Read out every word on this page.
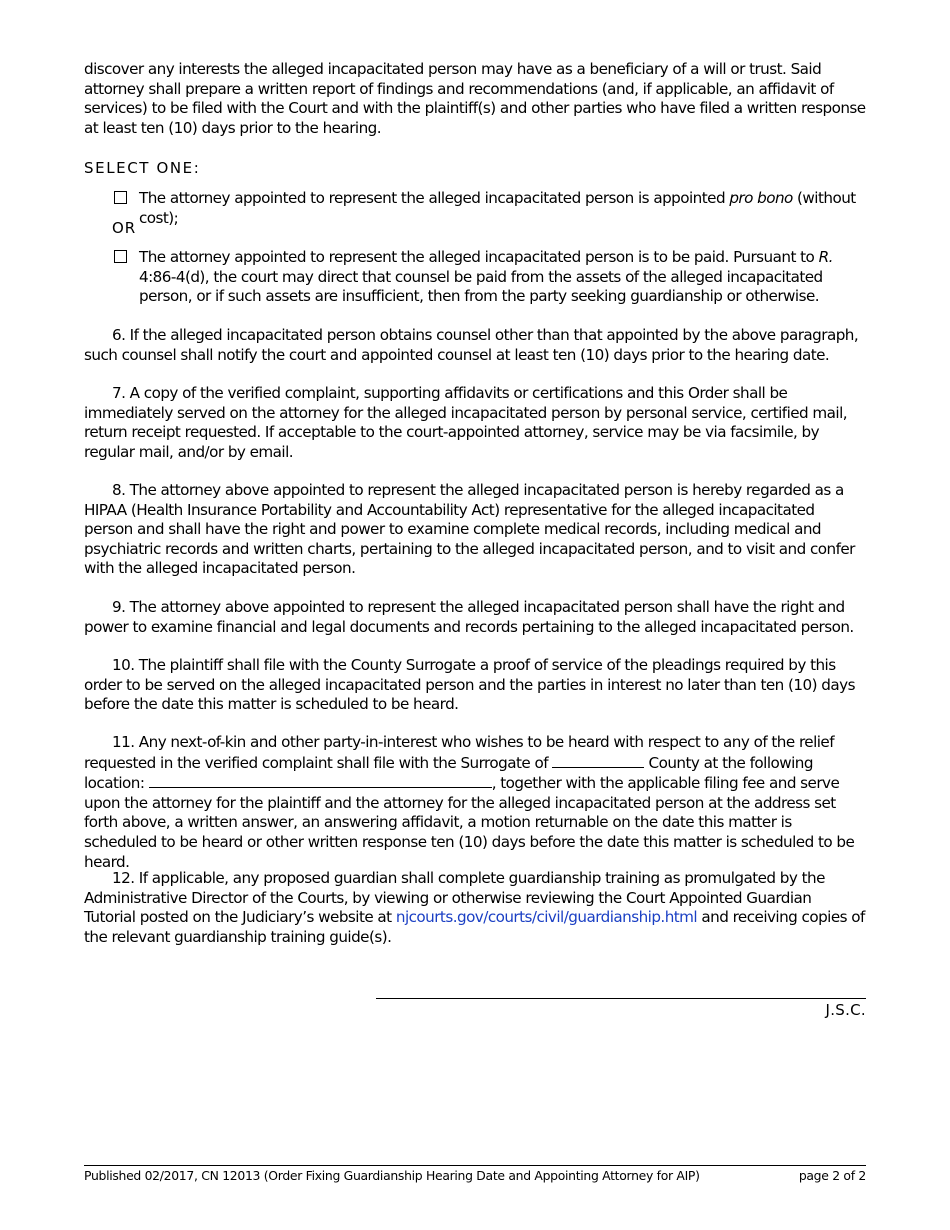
discover any interests the alleged incapacitated person may have as a beneficiary of a will or trust. Said attorney shall prepare a written report of findings and recommendations (and, if applicable, an affidavit of services) to be filed with the Court and with the plaintiff(s) and other parties who have filed a written response at least ten (10) days prior to the hearing.

SELECT ONE:

The attorney appointed to represent the alleged incapacitated person is appointed pro bono (without cost);

OR

The attorney appointed to represent the alleged incapacitated person is to be paid. Pursuant to R. 4:86-4(d), the court may direct that counsel be paid from the assets of the alleged incapacitated person, or if such assets are insufficient, then from the party seeking guardianship or otherwise.

6. If the alleged incapacitated person obtains counsel other than that appointed by the above paragraph, such counsel shall notify the court and appointed counsel at least ten (10) days prior to the hearing date.

7. A copy of the verified complaint, supporting affidavits or certifications and this Order shall be immediately served on the attorney for the alleged incapacitated person by personal service, certified mail, return receipt requested. If acceptable to the court-appointed attorney, service may be via facsimile, by regular mail, and/or by email.

8. The attorney above appointed to represent the alleged incapacitated person is hereby regarded as a HIPAA (Health Insurance Portability and Accountability Act) representative for the alleged incapacitated person and shall have the right and power to examine complete medical records, including medical and psychiatric records and written charts, pertaining to the alleged incapacitated person, and to visit and confer with the alleged incapacitated person.

9. The attorney above appointed to represent the alleged incapacitated person shall have the right and power to examine financial and legal documents and records pertaining to the alleged incapacitated person.

10. The plaintiff shall file with the County Surrogate a proof of service of the pleadings required by this order to be served on the alleged incapacitated person and the parties in interest no later than ten (10) days before the date this matter is scheduled to be heard.

11. Any next-of-kin and other party-in-interest who wishes to be heard with respect to any of the relief requested in the verified complaint shall file with the Surrogate of	County at the following location:	, together with the applicable filing fee and serve upon the attorney for the plaintiff and the attorney for the alleged incapacitated person at the address set forth above, a written answer, an answering affidavit, a motion returnable on the date this matter is scheduled to be heard or other written response ten (10) days before the date this matter is scheduled to be heard.

12. If applicable, any proposed guardian shall complete guardianship training as promulgated by the Administrative Director of the Courts, by viewing or otherwise reviewing the Court Appointed Guardian Tutorial posted on the Judiciary’s website at njcourts.gov/courts/civil/guardianship.html and receiving copies of the relevant guardianship training guide(s).

J.S.C.
Published 02/2017, CN 12013 (Order Fixing Guardianship Hearing Date and Appointing Attorney for AIP)	page 2 of 2
